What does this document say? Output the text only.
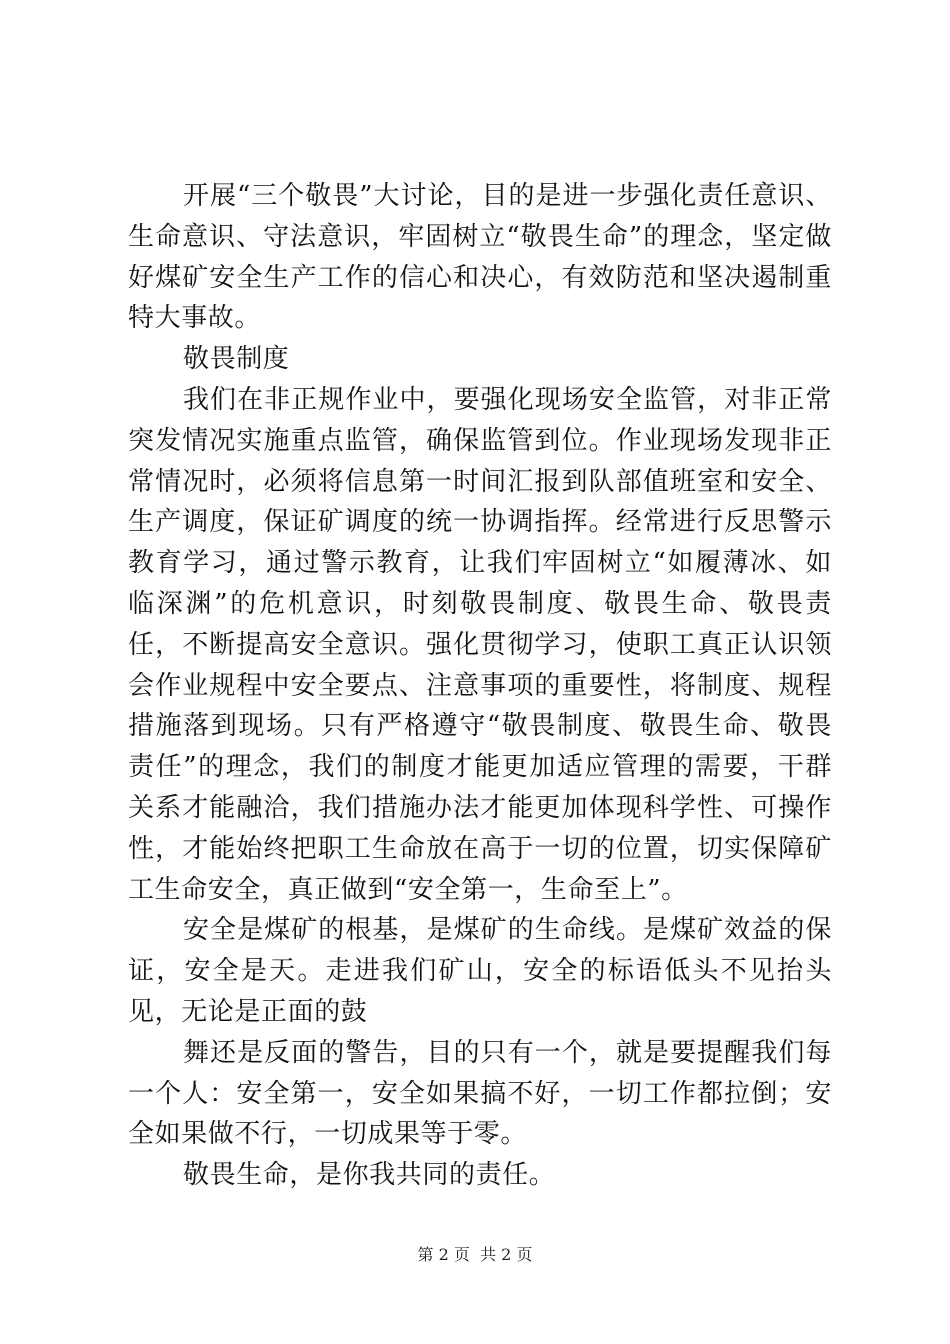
开展“三个敬畏”大讨论，目的是进一步强化责任意识、生命意识、守法意识，牢固树立“敬畏生命”的理念，坚定做好煤矿安全生产工作的信心和决心，有效防范和坚决遏制重特大事故。

敬畏制度

我们在非正规作业中，要强化现场安全监管，对非正常突发情况实施重点监管，确保监管到位。作业现场发现非正常情况时，必须将信息第一时间汇报到队部值班室和安全、生产调度，保证矿调度的统一协调指挥。经常进行反思警示教育学习，通过警示教育，让我们牢固树立“如履薄冰、如临深渊”的危机意识，时刻敬畏制度、敬畏生命、敬畏责任，不断提高安全意识。强化贯彻学习，使职工真正认识领会作业规程中安全要点、注意事项的重要性，将制度、规程措施落到现场。只有严格遵守“敬畏制度、敬畏生命、敬畏责任”的理念，我们的制度才能更加适应管理的需要，干群关系才能融洽，我们措施办法才能更加体现科学性、可操作性，才能始终把职工生命放在高于一切的位置，切实保障矿工生命安全，真正做到“安全第一，生命至上”。

安全是煤矿的根基，是煤矿的生命线。是煤矿效益的保证，安全是天。走进我们矿山，安全的标语低头不见抬头见，无论是正面的鼓

舞还是反面的警告，目的只有一个，就是要提醒我们每一个人：安全第一，安全如果搞不好，一切工作都拉倒；安全如果做不行，一切成果等于零。

敬畏生命，是你我共同的责任。

第 2 页  共 2 页
